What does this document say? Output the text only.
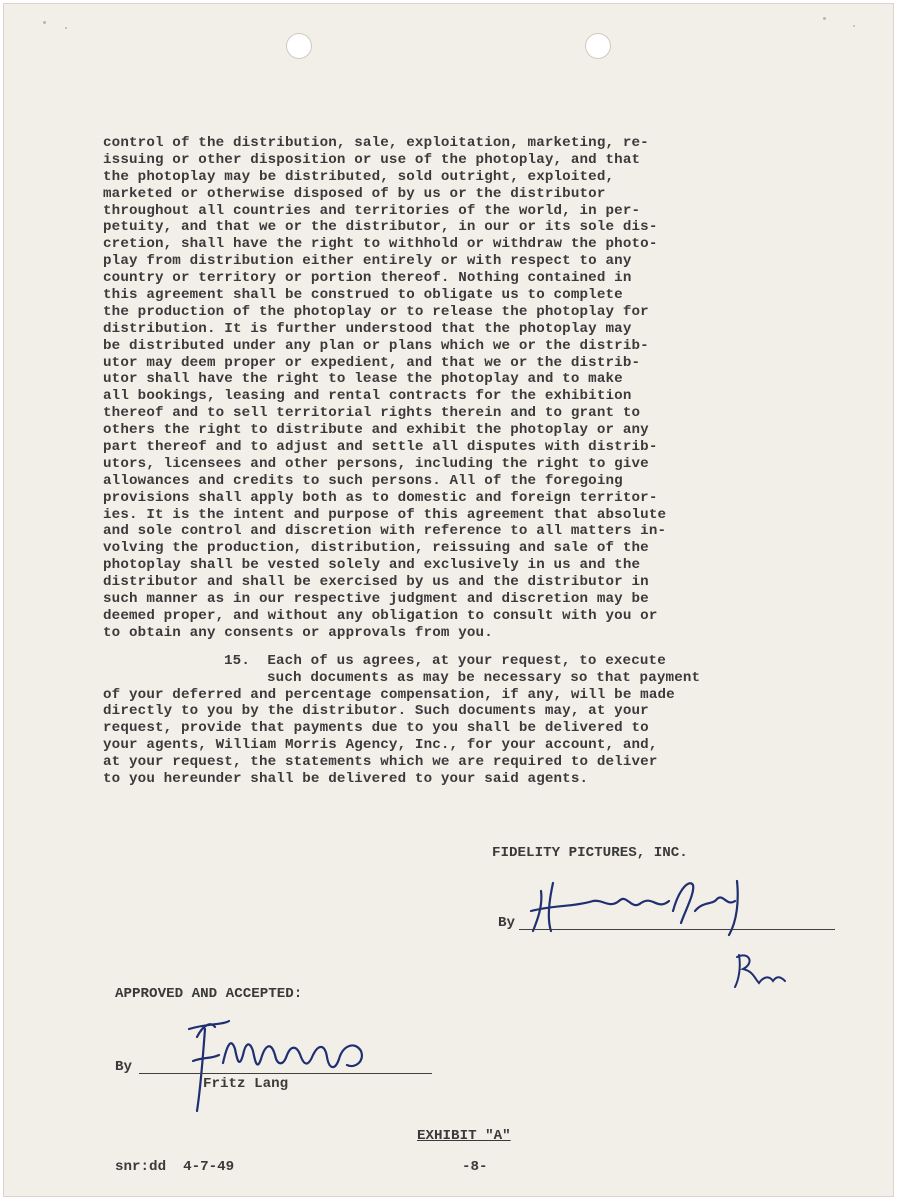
control of the distribution, sale, exploitation, marketing, re-
issuing or other disposition or use of the photoplay, and that
the photoplay may be distributed, sold outright, exploited,
marketed or otherwise disposed of by us or the distributor
throughout all countries and territories of the world, in per-
petuity, and that we or the distributor, in our or its sole dis-
cretion, shall have the right to withhold or withdraw the photo-
play from distribution either entirely or with respect to any
country or territory or portion thereof. Nothing contained in
this agreement shall be construed to obligate us to complete
the production of the photoplay or to release the photoplay for
distribution. It is further understood that the photoplay may
be distributed under any plan or plans which we or the distrib-
utor may deem proper or expedient, and that we or the distrib-
utor shall have the right to lease the photoplay and to make
all bookings, leasing and rental contracts for the exhibition
thereof and to sell territorial rights therein and to grant to
others the right to distribute and exhibit the photoplay or any
part thereof and to adjust and settle all disputes with distrib-
utors, licensees and other persons, including the right to give
allowances and credits to such persons. All of the foregoing
provisions shall apply both as to domestic and foreign territor-
ies. It is the intent and purpose of this agreement that absolute
and sole control and discretion with reference to all matters in-
volving the production, distribution, reissuing and sale of the
photoplay shall be vested solely and exclusively in us and the
distributor and shall be exercised by us and the distributor in
such manner as in our respective judgment and discretion may be
deemed proper, and without any obligation to consult with you or
to obtain any consents or approvals from you.
15. Each of us agrees, at your request, to execute
such documents as may be necessary so that payment
of your deferred and percentage compensation, if any, will be made
directly to you by the distributor. Such documents may, at your
request, provide that payments due to you shall be delivered to
your agents, William Morris Agency, Inc., for your account, and,
at your request, the statements which we are required to deliver
to you hereunder shall be delivered to your said agents.
FIDELITY PICTURES, INC.
By
APPROVED AND ACCEPTED:
By
Fritz Lang
EXHIBIT "A"
snr:dd  4-7-49	-8-
